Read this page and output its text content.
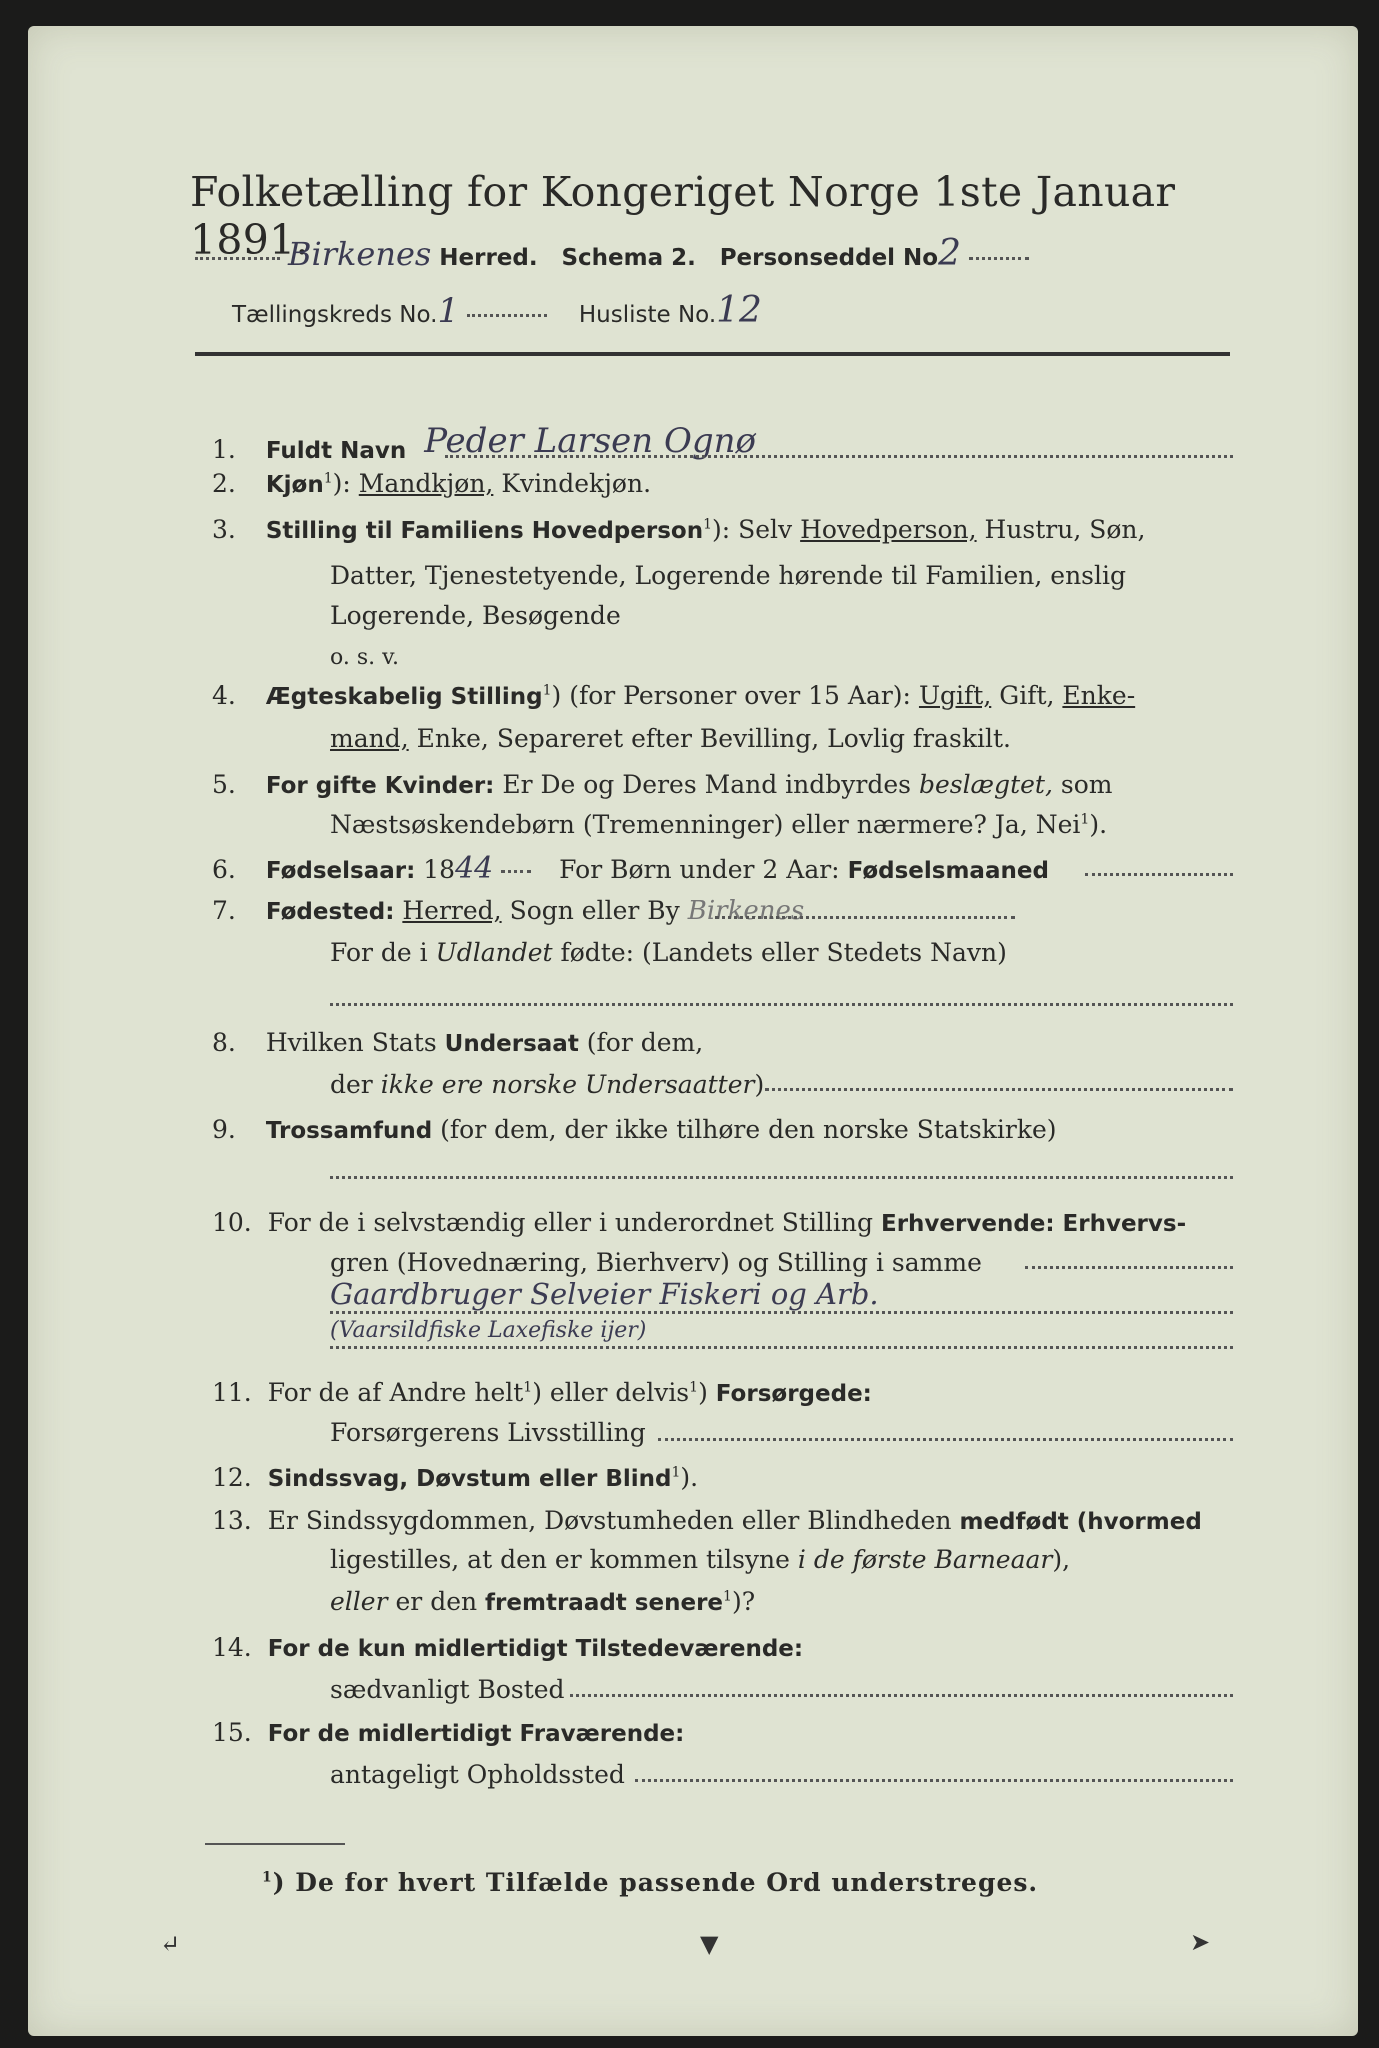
Folketælling for Kongeriget Norge 1ste Januar 1891.
Birkenes Herred. Schema 2. Personseddel No2
Tællingskreds No.1	Husliste No.12
1. Fuldt Navn Peder Larsen Ognø
2. Kjøn$^1$): Mandkjøn, Kvindekjøn.
3. Stilling til Familiens Hovedperson$^1$): Selv Hovedperson, Hustru, Søn,
Datter, Tjenestetyende, Logerende hørende til Familien, enslig
Logerende, Besøgende
o. s. v.
4. Ægteskabelig Stilling$^1$) (for Personer over 15 Aar): Ugift, Gift, Enke-
mand, Enke, Separeret efter Bevilling, Lovlig fraskilt.
5. For gifte Kvinder: Er De og Deres Mand indbyrdes beslægtet, som
Næstsøskendebørn (Tremenninger) eller nærmere? Ja, Nei$^1$).
6. Fødselsaar: 1844	For Børn under 2 Aar: Fødselsmaaned
7. Fødested: Herred, Sogn eller By Birkenes
For de i Udlandet fødte: (Landets eller Stedets Navn)
8. Hvilken Stats Undersaat (for dem,
der ikke ere norske Undersaatter)
9. Trossamfund (for dem, der ikke tilhøre den norske Statskirke)
10. For de i selvstændig eller i underordnet Stilling Erhvervende: Erhvervs-
gren (Hovednæring, Bierhverv) og Stilling i samme
Gaardbruger Selveier Fiskeri og Arb.
(Vaarsildfiske Laxefiske ijer)
11. For de af Andre helt$^1$) eller delvis$^1$) Forsørgede:
Forsørgerens Livsstilling
12. Sindssvag, Døvstum eller Blind$^1$).
13. Er Sindssygdommen, Døvstumheden eller Blindheden medfødt (hvormed
ligestilles, at den er kommen tilsyne i de første Barneaar),
eller er den fremtraadt senere$^1$)?
14. For de kun midlertidigt Tilstedeværende:
sædvanligt Bosted
15. For de midlertidigt Fraværende:
antageligt Opholdssted
$^1$) De for hvert Tilfælde passende Ord understreges.
↵	▼	➤
